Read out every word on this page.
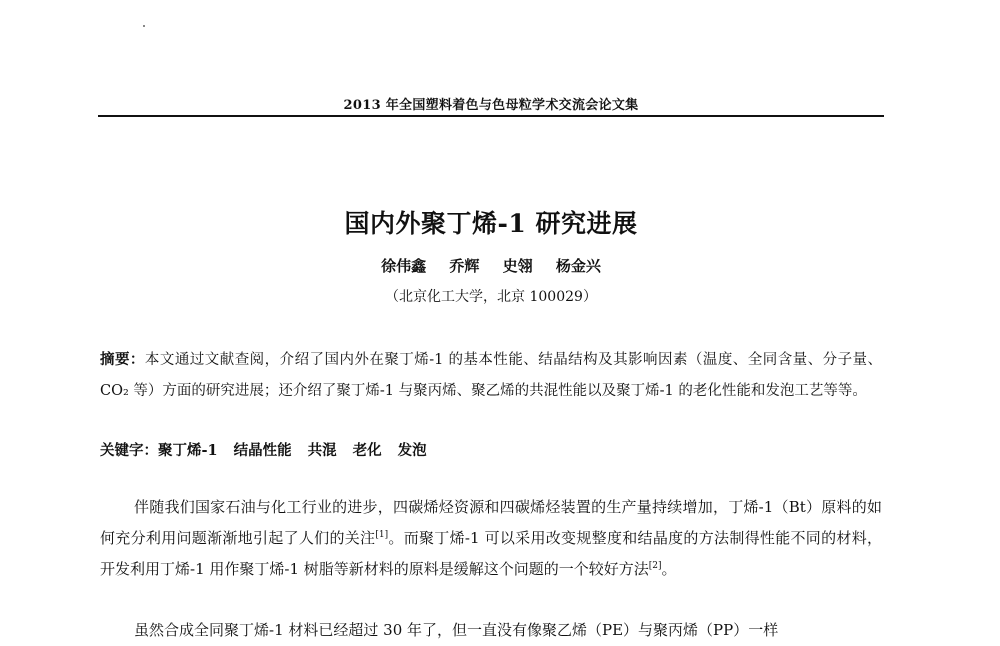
2013 年全国塑料着色与色母粒学术交流会论文集
国内外聚丁烯-1 研究进展
徐伟鑫 乔辉 史翎 杨金兴
（北京化工大学，北京 100029）
摘要：本文通过文献查阅，介绍了国内外在聚丁烯-1 的基本性能、结晶结构及其影响因素（温度、全同含量、分子量、CO₂ 等）方面的研究进展；还介绍了聚丁烯-1 与聚丙烯、聚乙烯的共混性能以及聚丁烯-1 的老化性能和发泡工艺等等。
关键字：聚丁烯-1 结晶性能 共混 老化 发泡
伴随我们国家石油与化工行业的进步，四碳烯烃资源和四碳烯烃装置的生产量持续增加，丁烯-1（Bt）原料的如何充分利用问题渐渐地引起了人们的关注[1]。而聚丁烯-1 可以采用改变规整度和结晶度的方法制得性能不同的材料，开发利用丁烯-1 用作聚丁烯-1 树脂等新材料的原料是缓解这个问题的一个较好方法[2]。
虽然合成全同聚丁烯-1 材料已经超过 30 年了，但一直没有像聚乙烯（PE）与聚丙烯（PP）一样
